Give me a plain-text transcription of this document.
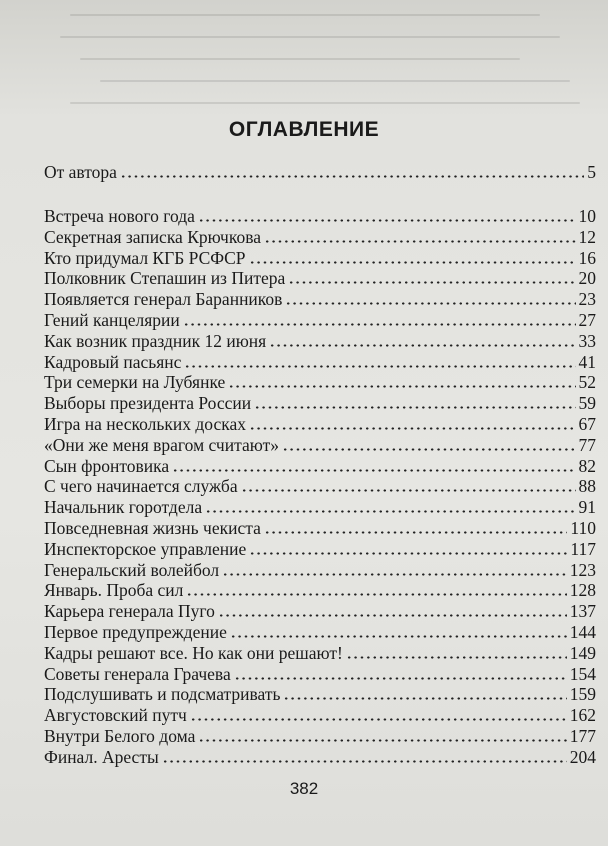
ОГЛАВЛЕНИЕ
От автора	5
Встреча нового года	10
Секретная записка Крючкова	12
Кто придумал КГБ РСФСР	16
Полковник Степашин из Питера	20
Появляется генерал Баранников	23
Гений канцелярии	27
Как возник праздник 12 июня	33
Кадровый пасьянс	41
Три семерки на Лубянке	52
Выборы президента России	59
Игра на нескольких досках	67
«Они же меня врагом считают»	77
Сын фронтовика	82
С чего начинается служба	88
Начальник горотдела	91
Повседневная жизнь чекиста	110
Инспекторское управление	117
Генеральский волейбол	123
Январь. Проба сил	128
Карьера генерала Пуго	137
Первое предупреждение	144
Кадры решают все. Но как они решают!	149
Советы генерала Грачева	154
Подслушивать и подсматривать	159
Августовский путч	162
Внутри Белого дома	177
Финал. Аресты	204
382
